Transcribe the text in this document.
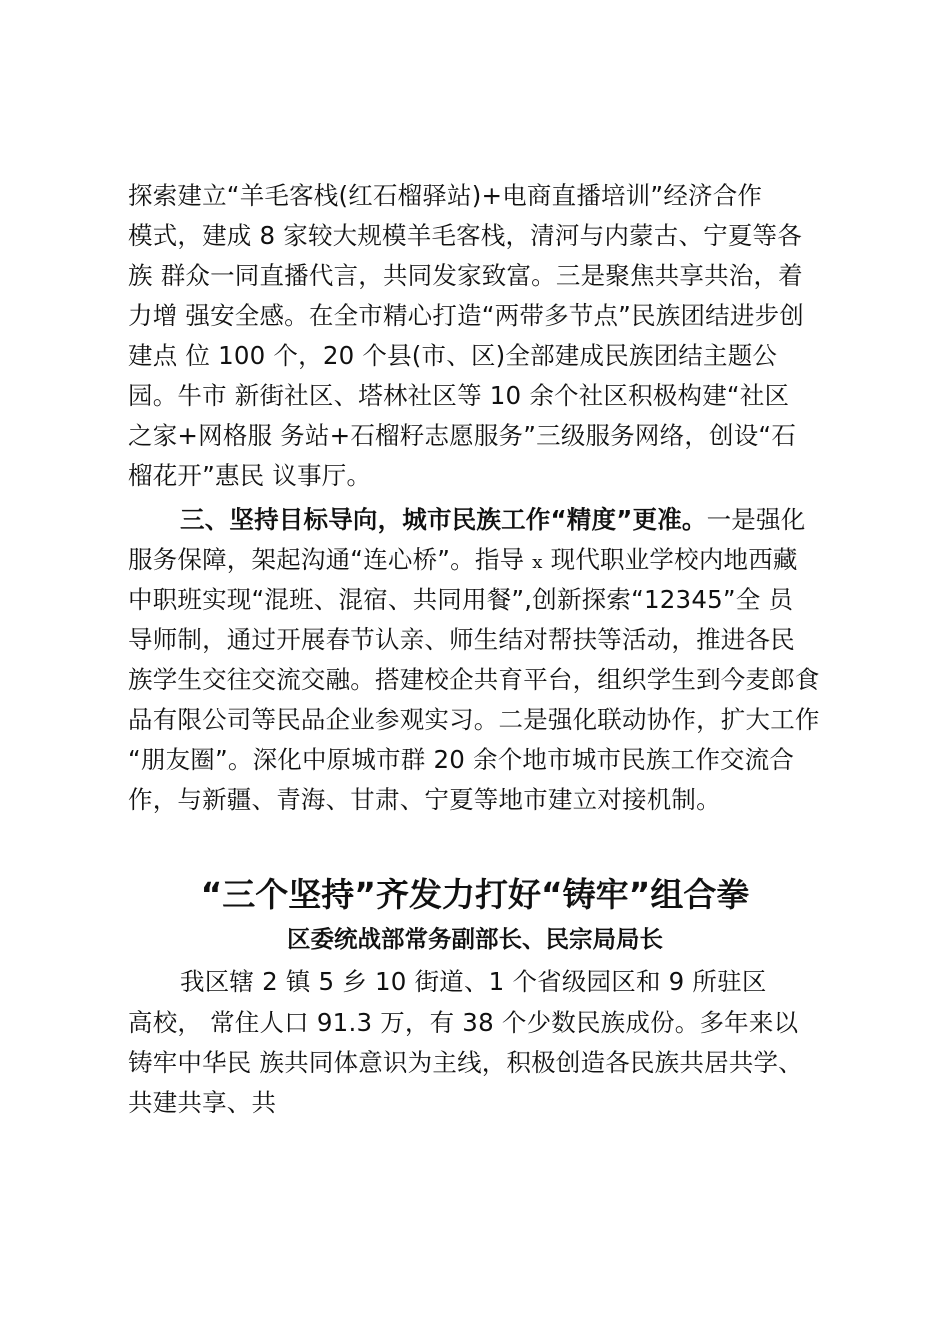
探索建立“羊毛客栈(红石榴驿站)+电商直播培训”经济合作
模式，建成 8 家较大规模羊毛客栈，清河与内蒙古、宁夏等各
族 群众一同直播代言，共同发家致富。三是聚焦共享共治，着
力增 强安全感。在全市精心打造“两带多节点”民族团结进步创
建点 位 100 个，20 个县(市、区)全部建成民族团结主题公
园。牛市 新街社区、塔林社区等 10 余个社区积极构建“社区
之家+网格服 务站+石榴籽志愿服务”三级服务网络，创设“石
榴花开”惠民 议事厅。
三、坚持目标导向，城市民族工作“精度”更准。一是强化
服务保障，架起沟通“连心桥”。指导 x 现代职业学校内地西藏
中职班实现“混班、混宿、共同用餐”,创新探索“12345”全 员
导师制，通过开展春节认亲、师生结对帮扶等活动，推进各民
族学生交往交流交融。搭建校企共育平台，组织学生到今麦郎食
品有限公司等民品企业参观实习。二是强化联动协作，扩大工作
“朋友圈”。深化中原城市群 20 余个地市城市民族工作交流合
作，与新疆、青海、甘肃、宁夏等地市建立对接机制。
“三个坚持”齐发力打好“铸牢”组合拳
区委统战部常务副部长、民宗局局长
我区辖 2 镇 5 乡 10 街道、1 个省级园区和 9 所驻区
高校， 常住人口 91.3 万，有 38 个少数民族成份。多年来以
铸牢中华民 族共同体意识为主线，积极创造各民族共居共学、
共建共享、共
